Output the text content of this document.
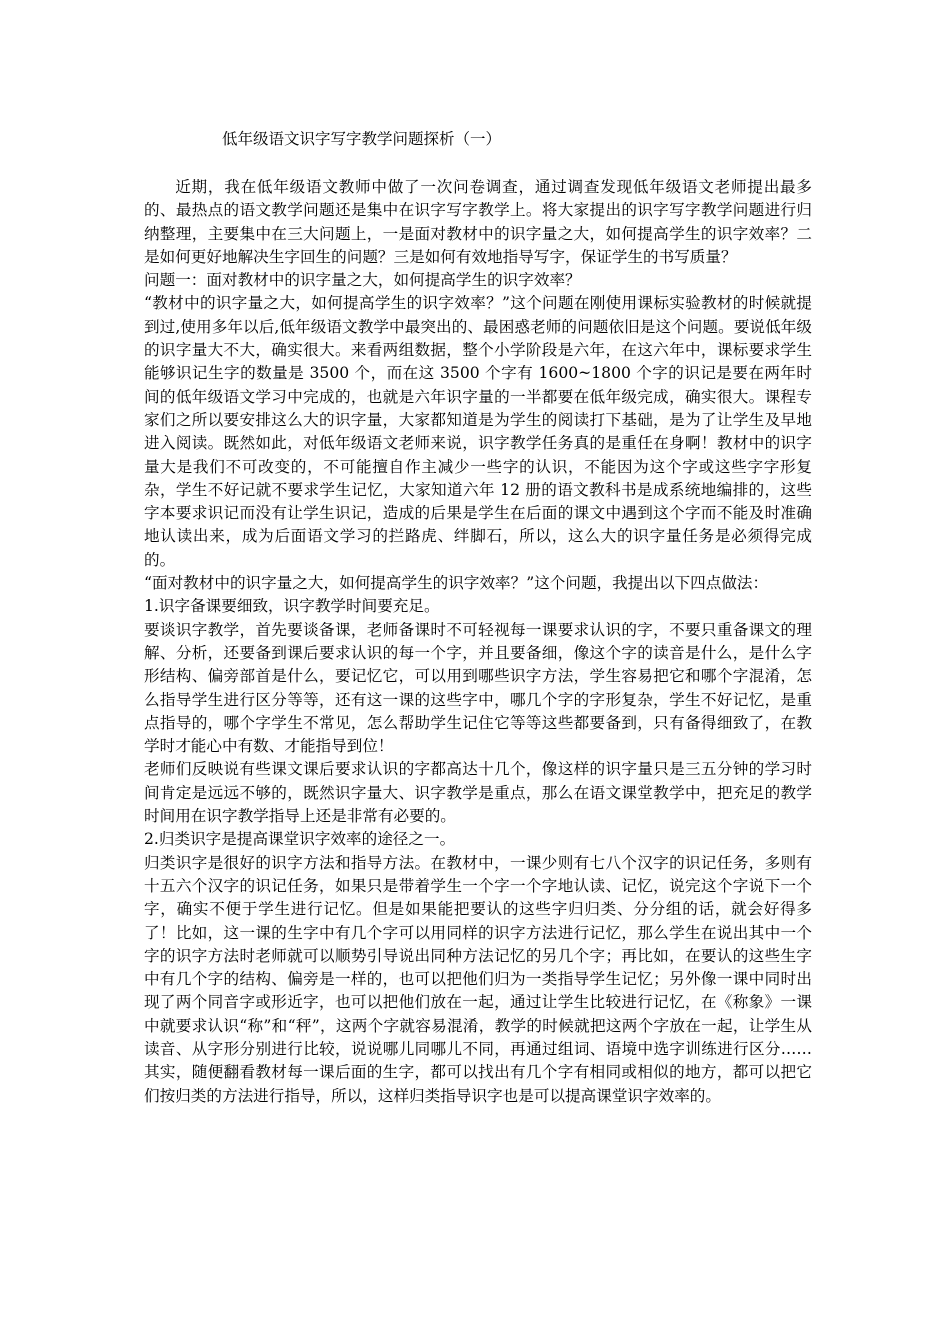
低年级语文识字写字教学问题探析（一）

近期，我在低年级语文教师中做了一次问卷调查，通过调查发现低年级语文老师提出最多的、最热点的语文教学问题还是集中在识字写字教学上。将大家提出的识字写字教学问题进行归纳整理，主要集中在三大问题上，一是面对教材中的识字量之大，如何提高学生的识字效率？二是如何更好地解决生字回生的问题？三是如何有效地指导写字，保证学生的书写质量？

问题一：面对教材中的识字量之大，如何提高学生的识字效率？

“教材中的识字量之大，如何提高学生的识字效率？”这个问题在刚使用课标实验教材的时候就提到过,使用多年以后,低年级语文教学中最突出的、最困惑老师的问题依旧是这个问题。要说低年级的识字量大不大，确实很大。来看两组数据，整个小学阶段是六年，在这六年中，课标要求学生能够识记生字的数量是 3500 个，而在这 3500 个字有 1600~1800 个字的识记是要在两年时间的低年级语文学习中完成的，也就是六年识字量的一半都要在低年级完成，确实很大。课程专家们之所以要安排这么大的识字量，大家都知道是为学生的阅读打下基础，是为了让学生及早地进入阅读。既然如此，对低年级语文老师来说，识字教学任务真的是重任在身啊！教材中的识字量大是我们不可改变的，不可能擅自作主减少一些字的认识，不能因为这个字或这些字字形复杂，学生不好记就不要求学生记忆，大家知道六年 12 册的语文教科书是成系统地编排的，这些字本要求识记而没有让学生识记，造成的后果是学生在后面的课文中遇到这个字而不能及时准确地认读出来，成为后面语文学习的拦路虎、绊脚石，所以，这么大的识字量任务是必须得完成的。

“面对教材中的识字量之大，如何提高学生的识字效率？”这个问题，我提出以下四点做法：

1.识字备课要细致，识字教学时间要充足。

要谈识字教学，首先要谈备课，老师备课时不可轻视每一课要求认识的字，不要只重备课文的理解、分析，还要备到课后要求认识的每一个字，并且要备细，像这个字的读音是什么，是什么字形结构、偏旁部首是什么，要记忆它，可以用到哪些识字方法，学生容易把它和哪个字混淆，怎么指导学生进行区分等等，还有这一课的这些字中，哪几个字的字形复杂，学生不好记忆，是重点指导的，哪个字学生不常见，怎么帮助学生记住它等等这些都要备到，只有备得细致了，在教学时才能心中有数、才能指导到位！

老师们反映说有些课文课后要求认识的字都高达十几个，像这样的识字量只是三五分钟的学习时间肯定是远远不够的，既然识字量大、识字教学是重点，那么在语文课堂教学中，把充足的教学时间用在识字教学指导上还是非常有必要的。

2.归类识字是提高课堂识字效率的途径之一。

归类识字是很好的识字方法和指导方法。在教材中，一课少则有七八个汉字的识记任务，多则有十五六个汉字的识记任务，如果只是带着学生一个字一个字地认读、记忆，说完这个字说下一个字，确实不便于学生进行记忆。但是如果能把要认的这些字归归类、分分组的话，就会好得多了！比如，这一课的生字中有几个字可以用同样的识字方法进行记忆，那么学生在说出其中一个字的识字方法时老师就可以顺势引导说出同种方法记忆的另几个字；再比如，在要认的这些生字中有几个字的结构、偏旁是一样的，也可以把他们归为一类指导学生记忆；另外像一课中同时出现了两个同音字或形近字，也可以把他们放在一起，通过让学生比较进行记忆，在《称象》一课中就要求认识“称”和“秤”，这两个字就容易混淆，教学的时候就把这两个字放在一起，让学生从读音、从字形分别进行比较，说说哪儿同哪儿不同，再通过组词、语境中选字训练进行区分……其实，随便翻看教材每一课后面的生字，都可以找出有几个字有相同或相似的地方，都可以把它们按归类的方法进行指导，所以，这样归类指导识字也是可以提高课堂识字效率的。
